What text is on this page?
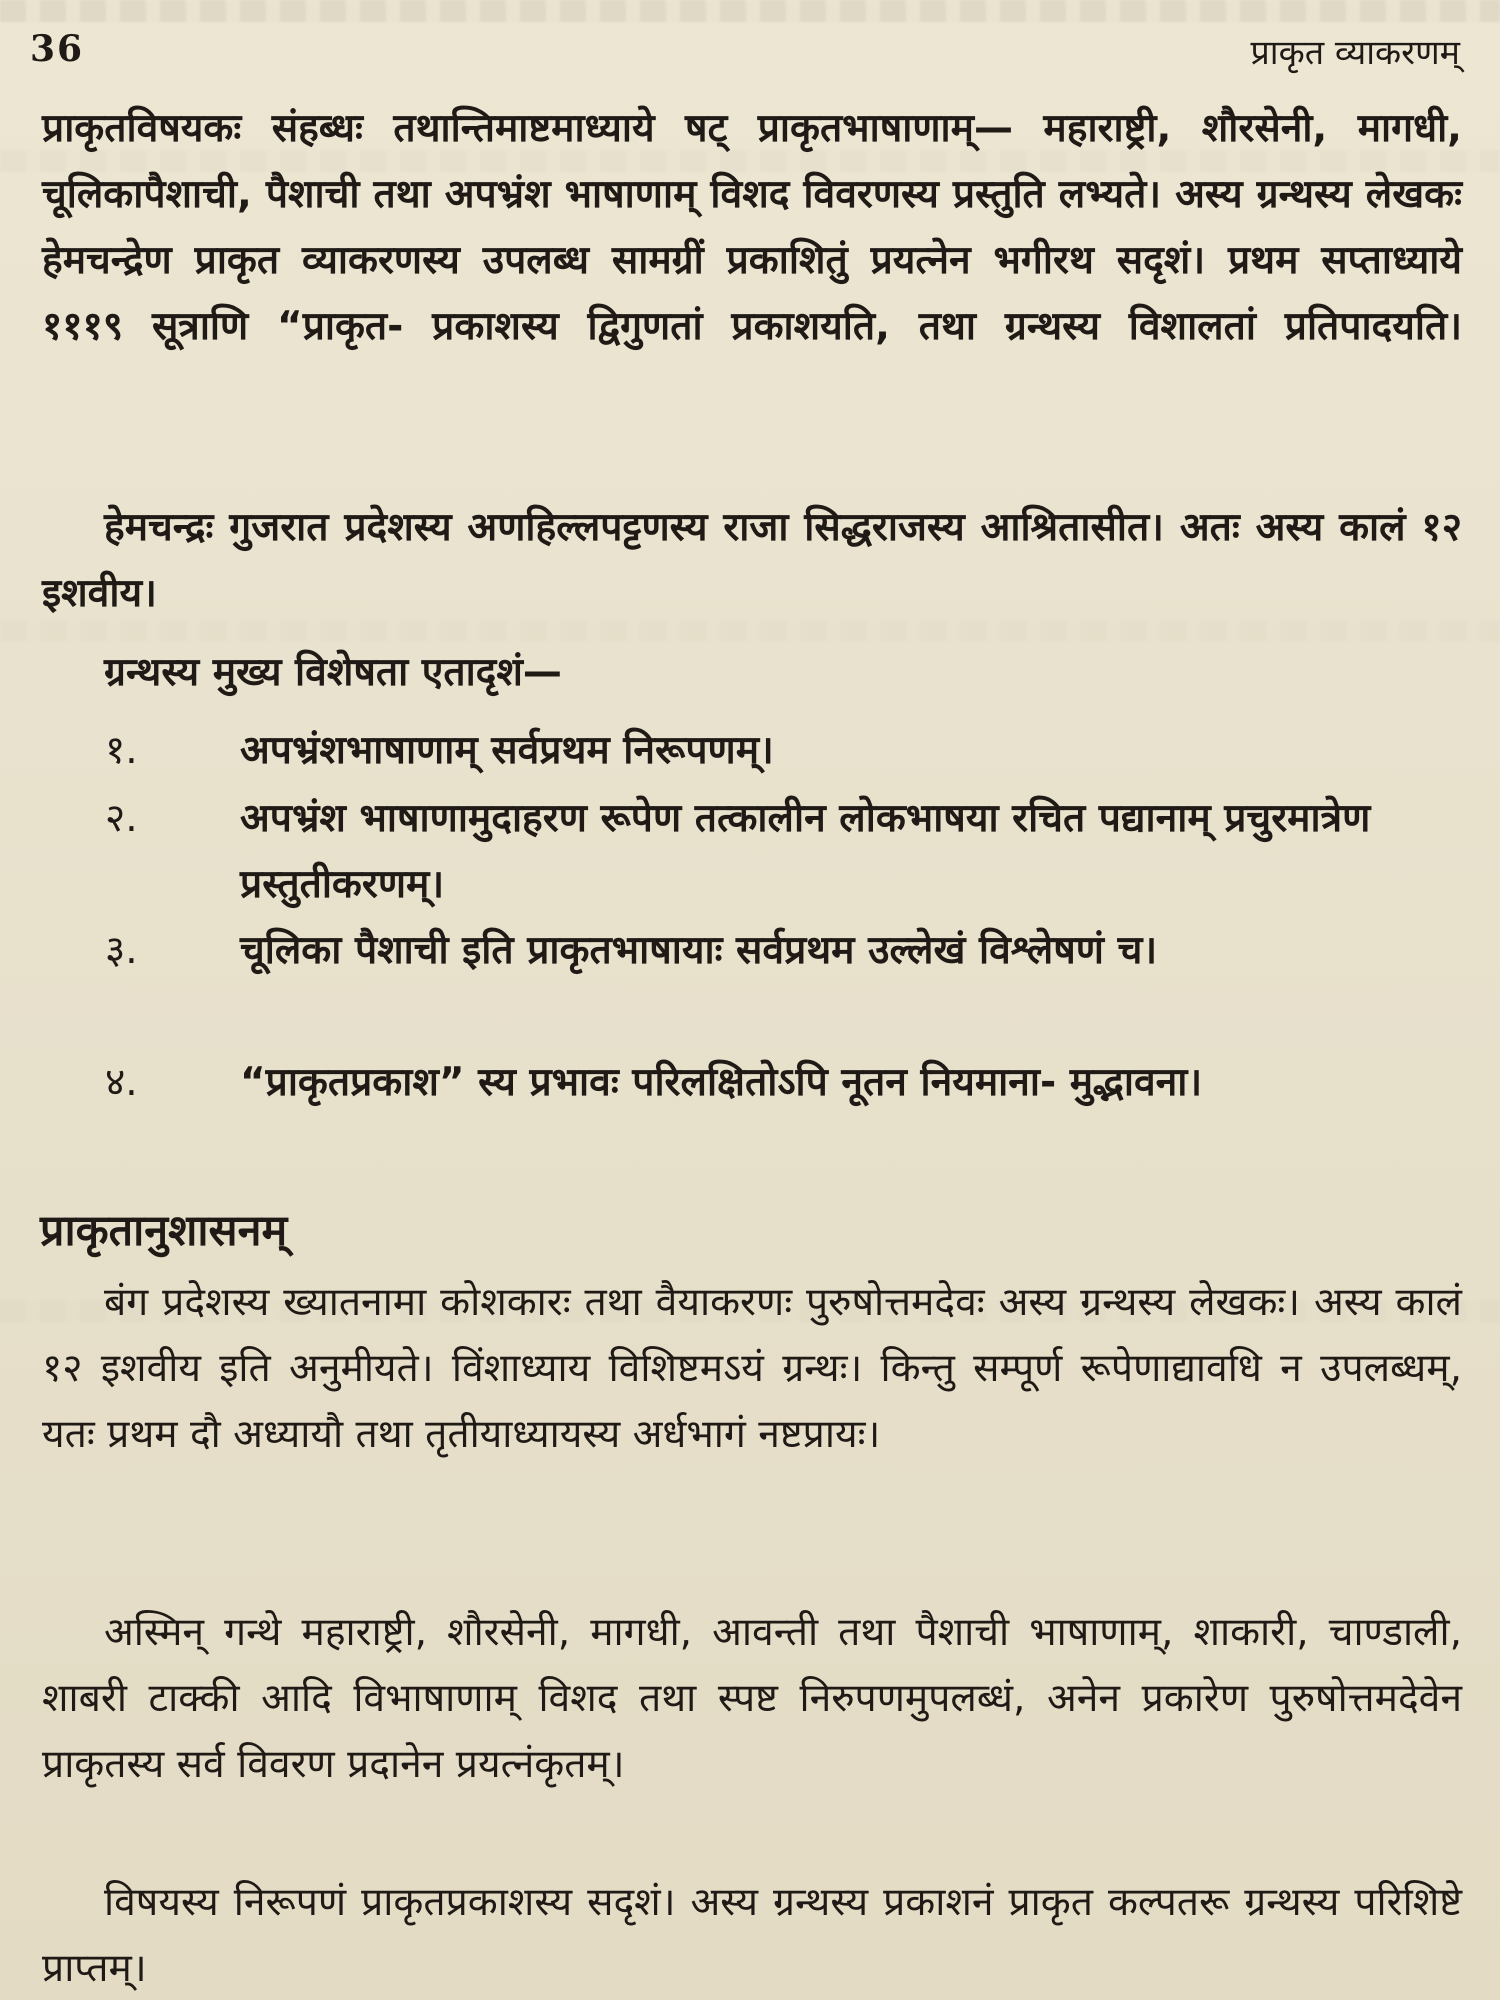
36	प्राकृत व्याकरणम्
प्राकृतविषयकः संहब्धः तथान्तिमाष्टमाध्याये षट् प्राकृतभाषाणाम्— महाराष्ट्री, शौरसेनी, मागधी, चूलिकापैशाची, पैशाची तथा अपभ्रंश भाषाणाम् विशद विवरणस्य प्रस्तुति लभ्यते। अस्य ग्रन्थस्य लेखकः हेमचन्द्रेण प्राकृत व्याकरणस्य उपलब्ध सामग्रीं प्रकाशितुं प्रयत्नेन भगीरथ सदृशं। प्रथम सप्ताध्याये १११९ सूत्राणि “प्राकृत- प्रकाशस्य द्विगुणतां प्रकाशयति, तथा ग्रन्थस्य विशालतां प्रतिपादयति।
हेमचन्द्रः गुजरात प्रदेशस्य अणहिल्लपट्टणस्य राजा सिद्धराजस्य आश्रितासीत। अतः अस्य कालं १२ इशवीय।
ग्रन्थस्य मुख्य विशेषता एतादृशं—
१.	अपभ्रंशभाषाणाम् सर्वप्रथम निरूपणम्।
२.	अपभ्रंश भाषाणामुदाहरण रूपेण तत्कालीन लोकभाषया रचित पद्यानाम् प्रचुरमात्रेण प्रस्तुतीकरणम्।
३.	चूलिका पैशाची इति प्राकृतभाषायाः सर्वप्रथम उल्लेखं विश्लेषणं च।
४.	“प्राकृतप्रकाश” स्य प्रभावः परिलक्षितोऽपि नूतन नियमाना- मुद्भावना।
प्राकृतानुशासनम्
बंग प्रदेशस्य ख्यातनामा कोशकारः तथा वैयाकरणः पुरुषोत्तमदेवः अस्य ग्रन्थस्य लेखकः। अस्य कालं १२ इशवीय इति अनुमीयते। विंशाध्याय विशिष्टमऽयं ग्रन्थः। किन्तु सम्पूर्ण रूपेणाद्यावधि न उपलब्धम्, यतः प्रथम दौ अध्यायौ तथा तृतीयाध्यायस्य अर्धभागं नष्टप्रायः।
अस्मिन् गन्थे महाराष्ट्री, शौरसेनी, मागधी, आवन्ती तथा पैशाची भाषाणाम्, शाकारी, चाण्डाली, शाबरी टाक्की आदि विभाषाणाम् विशद तथा स्पष्ट निरुपणमुपलब्धं, अनेन प्रकारेण पुरुषोत्तमदेवेन प्राकृतस्य सर्व विवरण प्रदानेन प्रयत्नंकृतम्।
विषयस्य निरूपणं प्राकृतप्रकाशस्य सदृशं। अस्य ग्रन्थस्य प्रकाशनं प्राकृत कल्पतरू ग्रन्थस्य परिशिष्टे प्राप्तम्।
